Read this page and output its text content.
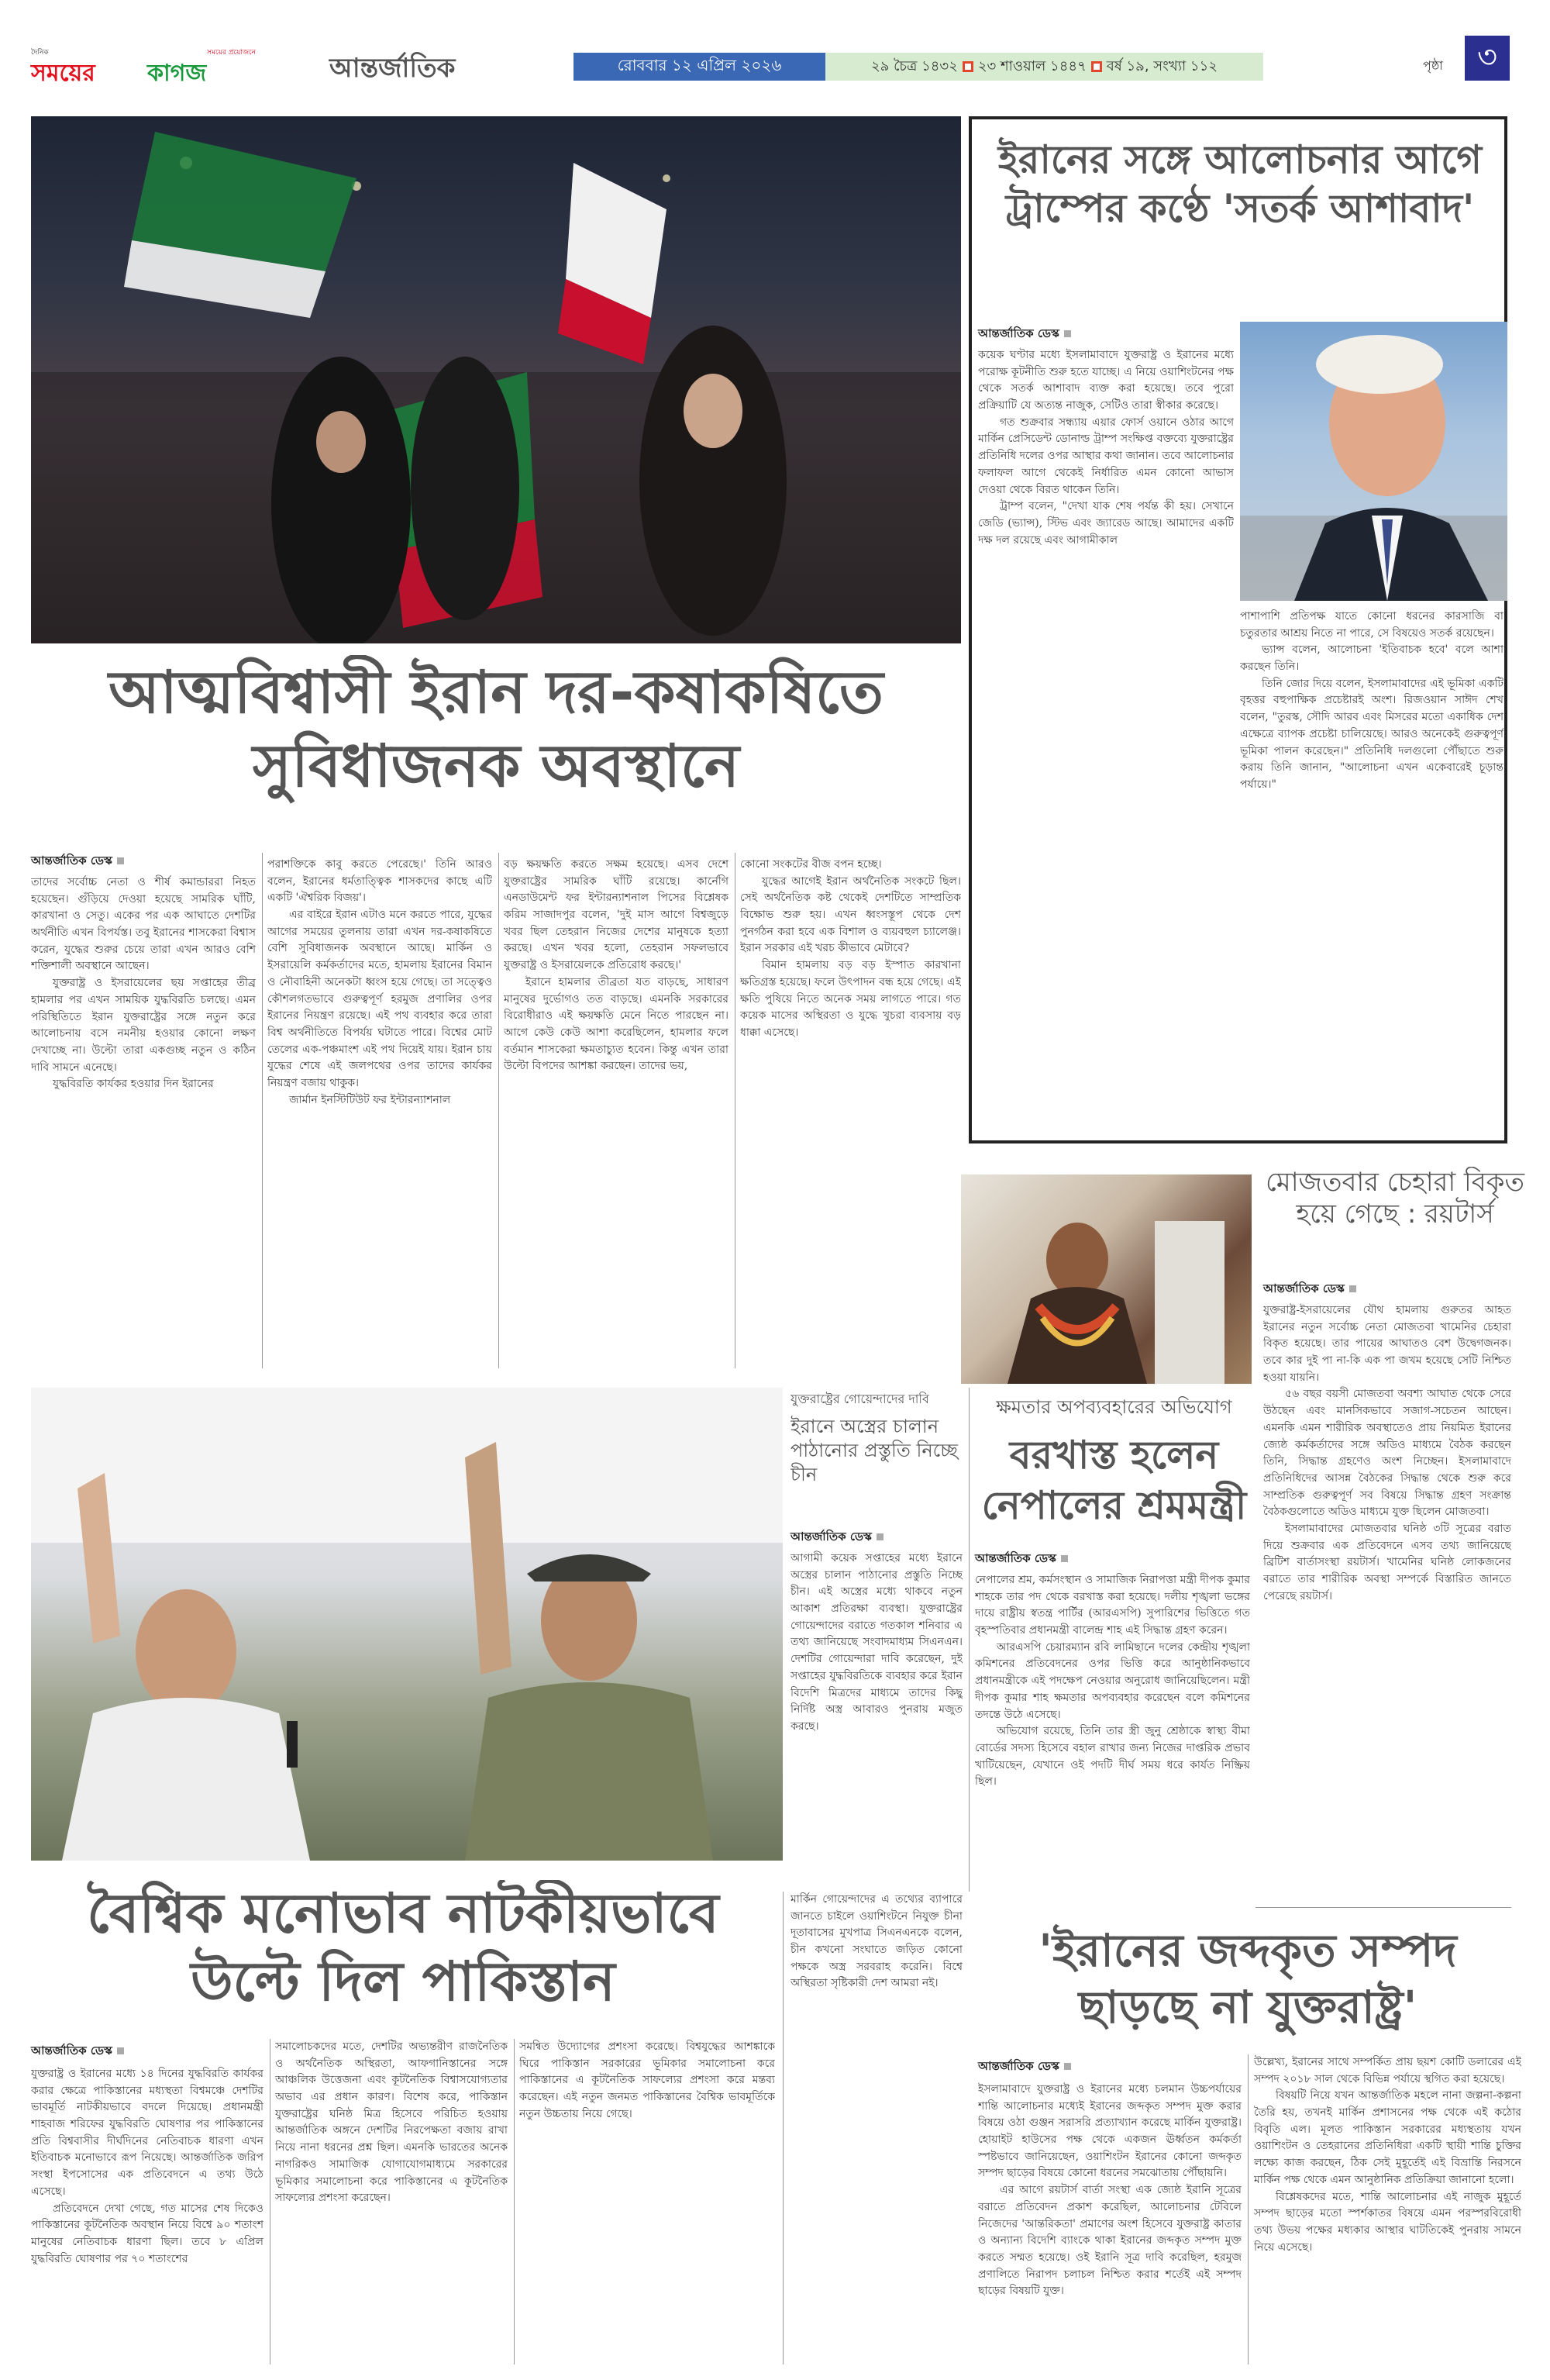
দৈনিক	সময়ের প্রয়োজনে
সময়ের কাগজ	আন্তর্জাতিক	রোববার ১২ এপ্রিল ২০২৬	২৯ চৈত্র ১৪৩২ ২৩ শাওয়াল ১৪৪৭ বর্ষ ১৯, সংখ্যা ১১২	পৃষ্ঠা ৩
আত্মবিশ্বাসী ইরান দর-কষাকষিতে সুবিধাজনক অবস্থানে
আন্তর্জাতিক ডেস্ক

তাদের সর্বোচ্চ নেতা ও শীর্ষ কমান্ডাররা নিহত হয়েছেন। গুঁড়িয়ে দেওয়া হয়েছে সামরিক ঘাঁটি, কারখানা ও সেতু। একের পর এক আঘাতে দেশটির অর্থনীতি এখন বিপর্যস্ত। তবু ইরানের শাসকেরা বিশ্বাস করেন, যুদ্ধের শুরুর চেয়ে তারা এখন আরও বেশি শক্তিশালী অবস্থানে আছেন।

যুক্তরাষ্ট্র ও ইসরায়েলের ছয় সপ্তাহের তীব্র হামলার পর এখন সাময়িক যুদ্ধবিরতি চলছে। এমন পরিস্থিতিতে ইরান যুক্তরাষ্ট্রের সঙ্গে নতুন করে আলোচনায় বসে নমনীয় হওয়ার কোনো লক্ষণ দেখাচ্ছে না। উল্টো তারা একগুচ্ছ নতুন ও কঠিন দাবি সামনে এনেছে।

যুদ্ধবিরতি কার্যকর হওয়ার দিন ইরানের

পরাশক্তিকে কাবু করতে পেরেছে।' তিনি আরও বলেন, ইরানের ধর্মতাত্ত্বিক শাসকদের কাছে এটি একটি 'ঐশ্বরিক বিজয়'।

এর বাইরে ইরান এটাও মনে করতে পারে, যুদ্ধের আগের সময়ের তুলনায় তারা এখন দর-কষাকষিতে বেশি সুবিধাজনক অবস্থানে আছে। মার্কিন ও ইসরায়েলি কর্মকর্তাদের মতে, হামলায় ইরানের বিমান ও নৌবাহিনী অনেকটা ধ্বংস হয়ে গেছে। তা সত্ত্বেও কৌশলগতভাবে গুরুত্বপূর্ণ হরমুজ প্রণালির ওপর ইরানের নিয়ন্ত্রণ রয়েছে। এই পথ ব্যবহার করে তারা বিশ্ব অর্থনীতিতে বিপর্যয় ঘটাতে পারে। বিশ্বের মোট তেলের এক-পঞ্চমাংশ এই পথ দিয়েই যায়। ইরান চায় যুদ্ধের শেষে এই জলপথের ওপর তাদের কার্যকর নিয়ন্ত্রণ বজায় থাকুক।

জার্মান ইনস্টিটিউট ফর ইন্টারন্যাশনাল

বড় ক্ষয়ক্ষতি করতে সক্ষম হয়েছে। এসব দেশে যুক্তরাষ্ট্রের সামরিক ঘাঁটি রয়েছে। কার্নেগি এনডাউমেন্ট ফর ইন্টারন্যাশনাল পিসের বিশ্লেষক করিম সাজাদপুর বলেন, 'দুই মাস আগে বিশ্বজুড়ে খবর ছিল তেহরান নিজের দেশের মানুষকে হত্যা করছে। এখন খবর হলো, তেহরান সফলভাবে যুক্তরাষ্ট্র ও ইসরায়েলকে প্রতিরোধ করছে।'

ইরানে হামলার তীব্রতা যত বাড়ছে, সাধারণ মানুষের দুর্ভোগও তত বাড়ছে। এমনকি সরকারের বিরোধীরাও এই ক্ষয়ক্ষতি মেনে নিতে পারছেন না। আগে কেউ কেউ আশা করেছিলেন, হামলার ফলে বর্তমান শাসকেরা ক্ষমতাচ্যুত হবেন। কিন্তু এখন তারা উল্টো বিপদের আশঙ্কা করছেন। তাদের ভয়,

কোনো সংকটের বীজ বপন হচ্ছে।

যুদ্ধের আগেই ইরান অর্থনৈতিক সংকটে ছিল। সেই অর্থনৈতিক কষ্ট থেকেই দেশটিতে সাম্প্রতিক বিক্ষোভ শুরু হয়। এখন ধ্বংসস্তূপ থেকে দেশ পুনর্গঠন করা হবে এক বিশাল ও ব্যয়বহুল চ্যালেঞ্জ। ইরান সরকার এই খরচ কীভাবে মেটাবে?

বিমান হামলায় বড় বড় ইস্পাত কারখানা ক্ষতিগ্রস্ত হয়েছে। ফলে উৎপাদন বন্ধ হয়ে গেছে। এই ক্ষতি পুষিয়ে নিতে অনেক সময় লাগতে পারে। গত কয়েক মাসের অস্থিরতা ও যুদ্ধে খুচরা ব্যবসায় বড় ধাক্কা এসেছে।

ইরানের সঙ্গে আলোচনার আগে ট্রাম্পের কণ্ঠে 'সতর্ক আশাবাদ'
আন্তর্জাতিক ডেস্ক

কয়েক ঘণ্টার মধ্যে ইসলামাবাদে যুক্তরাষ্ট্র ও ইরানের মধ্যে পরোক্ষ কূটনীতি শুরু হতে যাচ্ছে। এ নিয়ে ওয়াশিংটনের পক্ষ থেকে সতর্ক আশাবাদ ব্যক্ত করা হয়েছে। তবে পুরো প্রক্রিয়াটি যে অত্যন্ত নাজুক, সেটিও তারা স্বীকার করেছে।

গত শুক্রবার সন্ধ্যায় এয়ার ফোর্স ওয়ানে ওঠার আগে মার্কিন প্রেসিডেন্ট ডোনাল্ড ট্রাম্প সংক্ষিপ্ত বক্তব্যে যুক্তরাষ্ট্রের প্রতিনিধি দলের ওপর আস্থার কথা জানান। তবে আলোচনার ফলাফল আগে থেকেই নির্ধারিত এমন কোনো আভাস দেওয়া থেকে বিরত থাকেন তিনি।

ট্রাম্প বলেন, "দেখা যাক শেষ পর্যন্ত কী হয়। সেখানে জেডি (ভ্যান্স), স্টিভ এবং জ্যারেড আছে। আমাদের একটি দক্ষ দল রয়েছে এবং আগামীকাল

পাশাপাশি প্রতিপক্ষ যাতে কোনো ধরনের কারসাজি বা চতুরতার আশ্রয় নিতে না পারে, সে বিষয়েও সতর্ক রয়েছেন।

ভ্যান্স বলেন, আলোচনা 'ইতিবাচক হবে' বলে আশা করছেন তিনি।

তিনি জোর দিয়ে বলেন, ইসলামাবাদের এই ভূমিকা একটি বৃহত্তর বহুপাক্ষিক প্রচেষ্টারই অংশ। রিজওয়ান সাঈদ শেখ বলেন, "তুরস্ক, সৌদি আরব এবং মিসরের মতো একাধিক দেশ এক্ষেত্রে ব্যাপক প্রচেষ্টা চালিয়েছে। আরও অনেকেই গুরুত্বপূর্ণ ভূমিকা পালন করেছেন।" প্রতিনিধি দলগুলো পৌঁছাতে শুরু করায় তিনি জানান, "আলোচনা এখন একেবারেই চূড়ান্ত পর্যায়ে।"

মোজতবার চেহারা বিকৃত হয়ে গেছে : রয়টার্স
আন্তর্জাতিক ডেস্ক

যুক্তরাষ্ট্র-ইসরায়েলের যৌথ হামলায় গুরুতর আহত ইরানের নতুন সর্বোচ্চ নেতা মোজতবা খামেনির চেহারা বিকৃত হয়েছে। তার পায়ের আঘাতও বেশ উদ্বেগজনক। তবে কার দুই পা না-কি এক পা জখম হয়েছে সেটি নিশ্চিত হওয়া যায়নি।

৫৬ বছর বয়সী মোজতবা অবশ্য আঘাত থেকে সেরে উঠছেন এবং মানসিকভাবে সজাগ-সচেতন আছেন। এমনকি এমন শারীরিক অবস্থাতেও প্রায় নিয়মিত ইরানের জ্যেষ্ঠ কর্মকর্তাদের সঙ্গে অডিও মাধ্যমে বৈঠক করছেন তিনি, সিদ্ধান্ত গ্রহণেও অংশ নিচ্ছেন। ইসলামাবাদে প্রতিনিধিদের আসন্ন বৈঠকের সিদ্ধান্ত থেকে শুরু করে সাম্প্রতিক গুরুত্বপূর্ণ সব বিষয়ে সিদ্ধান্ত গ্রহণ সংক্রান্ত বৈঠকগুলোতে অডিও মাধ্যমে যুক্ত ছিলেন মোজতবা।

ইসলামাবাদের মোজতবার ঘনিষ্ঠ ৩টি সূত্রের বরাত দিয়ে শুক্রবার এক প্রতিবেদনে এসব তথ্য জানিয়েছে ব্রিটিশ বার্তাসংস্থা রয়টার্স। খামেনির ঘনিষ্ঠ লোকজনের বরাতে তার শারীরিক অবস্থা সম্পর্কে বিস্তারিত জানতে পেরেছে রয়টার্স।

যুক্তরাষ্ট্রের গোয়েন্দাদের দাবি
ইরানে অস্ত্রের চালান পাঠানোর প্রস্তুতি নিচ্ছে চীন
আন্তর্জাতিক ডেস্ক
আগামী কয়েক সপ্তাহের মধ্যে ইরানে অস্ত্রের চালান পাঠানোর প্রস্তুতি নিচ্ছে চীন। এই অস্ত্রের মধ্যে থাকবে নতুন আকাশ প্রতিরক্ষা ব্যবস্থা। যুক্তরাষ্ট্রের গোয়েন্দাদের বরাতে গতকাল শনিবার এ তথ্য জানিয়েছে সংবাদমাধ্যম সিএনএন। দেশটির গোয়েন্দারা দাবি করেছেন, দুই সপ্তাহের যুদ্ধবিরতিকে ব্যবহার করে ইরান বিদেশি মিত্রদের মাধ্যমে তাদের কিছু নির্দিষ্ট অস্ত্র আবারও পুনরায় মজুত করছে।
ক্ষমতার অপব্যবহারের অভিযোগ
বরখাস্ত হলেন নেপালের শ্রমমন্ত্রী
আন্তর্জাতিক ডেস্ক

নেপালের শ্রম, কর্মসংস্থান ও সামাজিক নিরাপত্তা মন্ত্রী দীপক কুমার শাহকে তার পদ থেকে বরখাস্ত করা হয়েছে। দলীয় শৃঙ্খলা ভঙ্গের দায়ে রাষ্ট্রীয় স্বতন্ত্র পার্টির (আরএসপি) সুপারিশের ভিত্তিতে গত বৃহস্পতিবার প্রধানমন্ত্রী বালেন্দ্র শাহ এই সিদ্ধান্ত গ্রহণ করেন।

আরএসপি চেয়ারম্যান রবি লামিছানে দলের কেন্দ্রীয় শৃঙ্খলা কমিশনের প্রতিবেদনের ওপর ভিত্তি করে আনুষ্ঠানিকভাবে প্রধানমন্ত্রীকে এই পদক্ষেপ নেওয়ার অনুরোধ জানিয়েছিলেন। মন্ত্রী দীপক কুমার শাহ ক্ষমতার অপব্যবহার করেছেন বলে কমিশনের তদন্তে উঠে এসেছে।

অভিযোগ রয়েছে, তিনি তার স্ত্রী জুনু শ্রেষ্ঠাকে স্বাস্থ্য বীমা বোর্ডের সদস্য হিসেবে বহাল রাখার জন্য নিজের দাপ্তরিক প্রভাব খাটিয়েছেন, যেখানে ওই পদটি দীর্ঘ সময় ধরে কার্যত নিষ্ক্রিয় ছিল।

বৈশ্বিক মনোভাব নাটকীয়ভাবে উল্টে দিল পাকিস্তান
আন্তর্জাতিক ডেস্ক

যুক্তরাষ্ট্র ও ইরানের মধ্যে ১৪ দিনের যুদ্ধবিরতি কার্যকর করার ক্ষেত্রে পাকিস্তানের মধ্যস্থতা বিশ্বমঞ্চে দেশটির ভাবমূর্তি নাটকীয়ভাবে বদলে দিয়েছে। প্রধানমন্ত্রী শাহবাজ শরিফের যুদ্ধবিরতি ঘোষণার পর পাকিস্তানের প্রতি বিশ্ববাসীর দীর্ঘদিনের নেতিবাচক ধারণা এখন ইতিবাচক মনোভাবে রূপ নিয়েছে। আন্তর্জাতিক জরিপ সংস্থা ইপসোসের এক প্রতিবেদনে এ তথ্য উঠে এসেছে।

প্রতিবেদনে দেখা গেছে, গত মাসের শেষ দিকেও পাকিস্তানের কূটনৈতিক অবস্থান নিয়ে বিশ্বে ৯০ শতাংশ মানুষের নেতিবাচক ধারণা ছিল। তবে ৮ এপ্রিল যুদ্ধবিরতি ঘোষণার পর ৭০ শতাংশের

সমালোচকদের মতে, দেশটির অভ্যন্তরীণ রাজনৈতিক ও অর্থনৈতিক অস্থিরতা, আফগানিস্তানের সঙ্গে আঞ্চলিক উত্তেজনা এবং কূটনৈতিক বিশ্বাসযোগ্যতার অভাব এর প্রধান কারণ। বিশেষ করে, পাকিস্তান যুক্তরাষ্ট্রের ঘনিষ্ঠ মিত্র হিসেবে পরিচিত হওয়ায় আন্তর্জাতিক অঙ্গনে দেশটির নিরপেক্ষতা বজায় রাখা নিয়ে নানা ধরনের প্রশ্ন ছিল। এমনকি ভারতের অনেক নাগরিকও সামাজিক যোগাযোগমাধ্যমে সরকারের ভূমিকার সমালোচনা করে পাকিস্তানের এ কূটনৈতিক সাফল্যের প্রশংসা করেছেন।
সমন্বিত উদ্যোগের প্রশংসা করেছে। বিশ্বযুদ্ধের আশঙ্কাকে ঘিরে পাকিস্তান সরকারের ভূমিকার সমালোচনা করে পাকিস্তানের এ কূটনৈতিক সাফল্যের প্রশংসা করে মন্তব্য করেছেন। এই নতুন জনমত পাকিস্তানের বৈশ্বিক ভাবমূর্তিকে নতুন উচ্চতায় নিয়ে গেছে।
মার্কিন গোয়েন্দাদের এ তথ্যের ব্যাপারে জানতে চাইলে ওয়াশিংটনে নিযুক্ত চীনা দূতাবাসের মুখপাত্র সিএনএনকে বলেন, চীন কখনো সংঘাতে জড়িত কোনো পক্ষকে অস্ত্র সরবরাহ করেনি। বিশ্বে অস্থিরতা সৃষ্টিকারী দেশ আমরা নই।
'ইরানের জব্দকৃত সম্পদ ছাড়ছে না যুক্তরাষ্ট্র'
আন্তর্জাতিক ডেস্ক

ইসলামাবাদে যুক্তরাষ্ট্র ও ইরানের মধ্যে চলমান উচ্চপর্যায়ের শান্তি আলোচনার মধ্যেই ইরানের জব্দকৃত সম্পদ মুক্ত করার বিষয়ে ওঠা গুঞ্জন সরাসরি প্রত্যাখ্যান করেছে মার্কিন যুক্তরাষ্ট্র। হোয়াইট হাউসের পক্ষ থেকে একজন ঊর্ধ্বতন কর্মকর্তা স্পষ্টভাবে জানিয়েছেন, ওয়াশিংটন ইরানের কোনো জব্দকৃত সম্পদ ছাড়ের বিষয়ে কোনো ধরনের সমঝোতায় পৌঁছায়নি।

এর আগে রয়টার্স বার্তা সংস্থা এক জ্যেষ্ঠ ইরানি সূত্রের বরাতে প্রতিবেদন প্রকাশ করেছিল, আলোচনার টেবিলে নিজেদের 'আন্তরিকতা' প্রমাণের অংশ হিসেবে যুক্তরাষ্ট্র কাতার ও অন্যান্য বিদেশি ব্যাংকে থাকা ইরানের জব্দকৃত সম্পদ মুক্ত করতে সম্মত হয়েছে। ওই ইরানি সূত্র দাবি করেছিল, হরমুজ প্রণালিতে নিরাপদ চলাচল নিশ্চিত করার শর্তেই এই সম্পদ ছাড়ের বিষয়টি যুক্ত।

উল্লেখ্য, ইরানের সাথে সম্পর্কিত প্রায় ছয়শ কোটি ডলারের এই সম্পদ ২০১৮ সাল থেকে বিভিন্ন পর্যায়ে স্থগিত করা হয়েছে।

বিষয়টি নিয়ে যখন আন্তর্জাতিক মহলে নানা জল্পনা-কল্পনা তৈরি হয়, তখনই মার্কিন প্রশাসনের পক্ষ থেকে এই কঠোর বিবৃতি এল। মূলত পাকিস্তান সরকারের মধ্যস্থতায় যখন ওয়াশিংটন ও তেহরানের প্রতিনিধিরা একটি স্থায়ী শান্তি চুক্তির লক্ষ্যে কাজ করছেন, ঠিক সেই মুহূর্তেই এই বিভ্রান্তি নিরসনে মার্কিন পক্ষ থেকে এমন আনুষ্ঠানিক প্রতিক্রিয়া জানানো হলো।

বিশ্লেষকদের মতে, শান্তি আলোচনার এই নাজুক মুহূর্তে সম্পদ ছাড়ের মতো স্পর্শকাতর বিষয়ে এমন পরস্পরবিরোধী তথ্য উভয় পক্ষের মধ্যকার আস্থার ঘাটতিকেই পুনরায় সামনে নিয়ে এসেছে।
